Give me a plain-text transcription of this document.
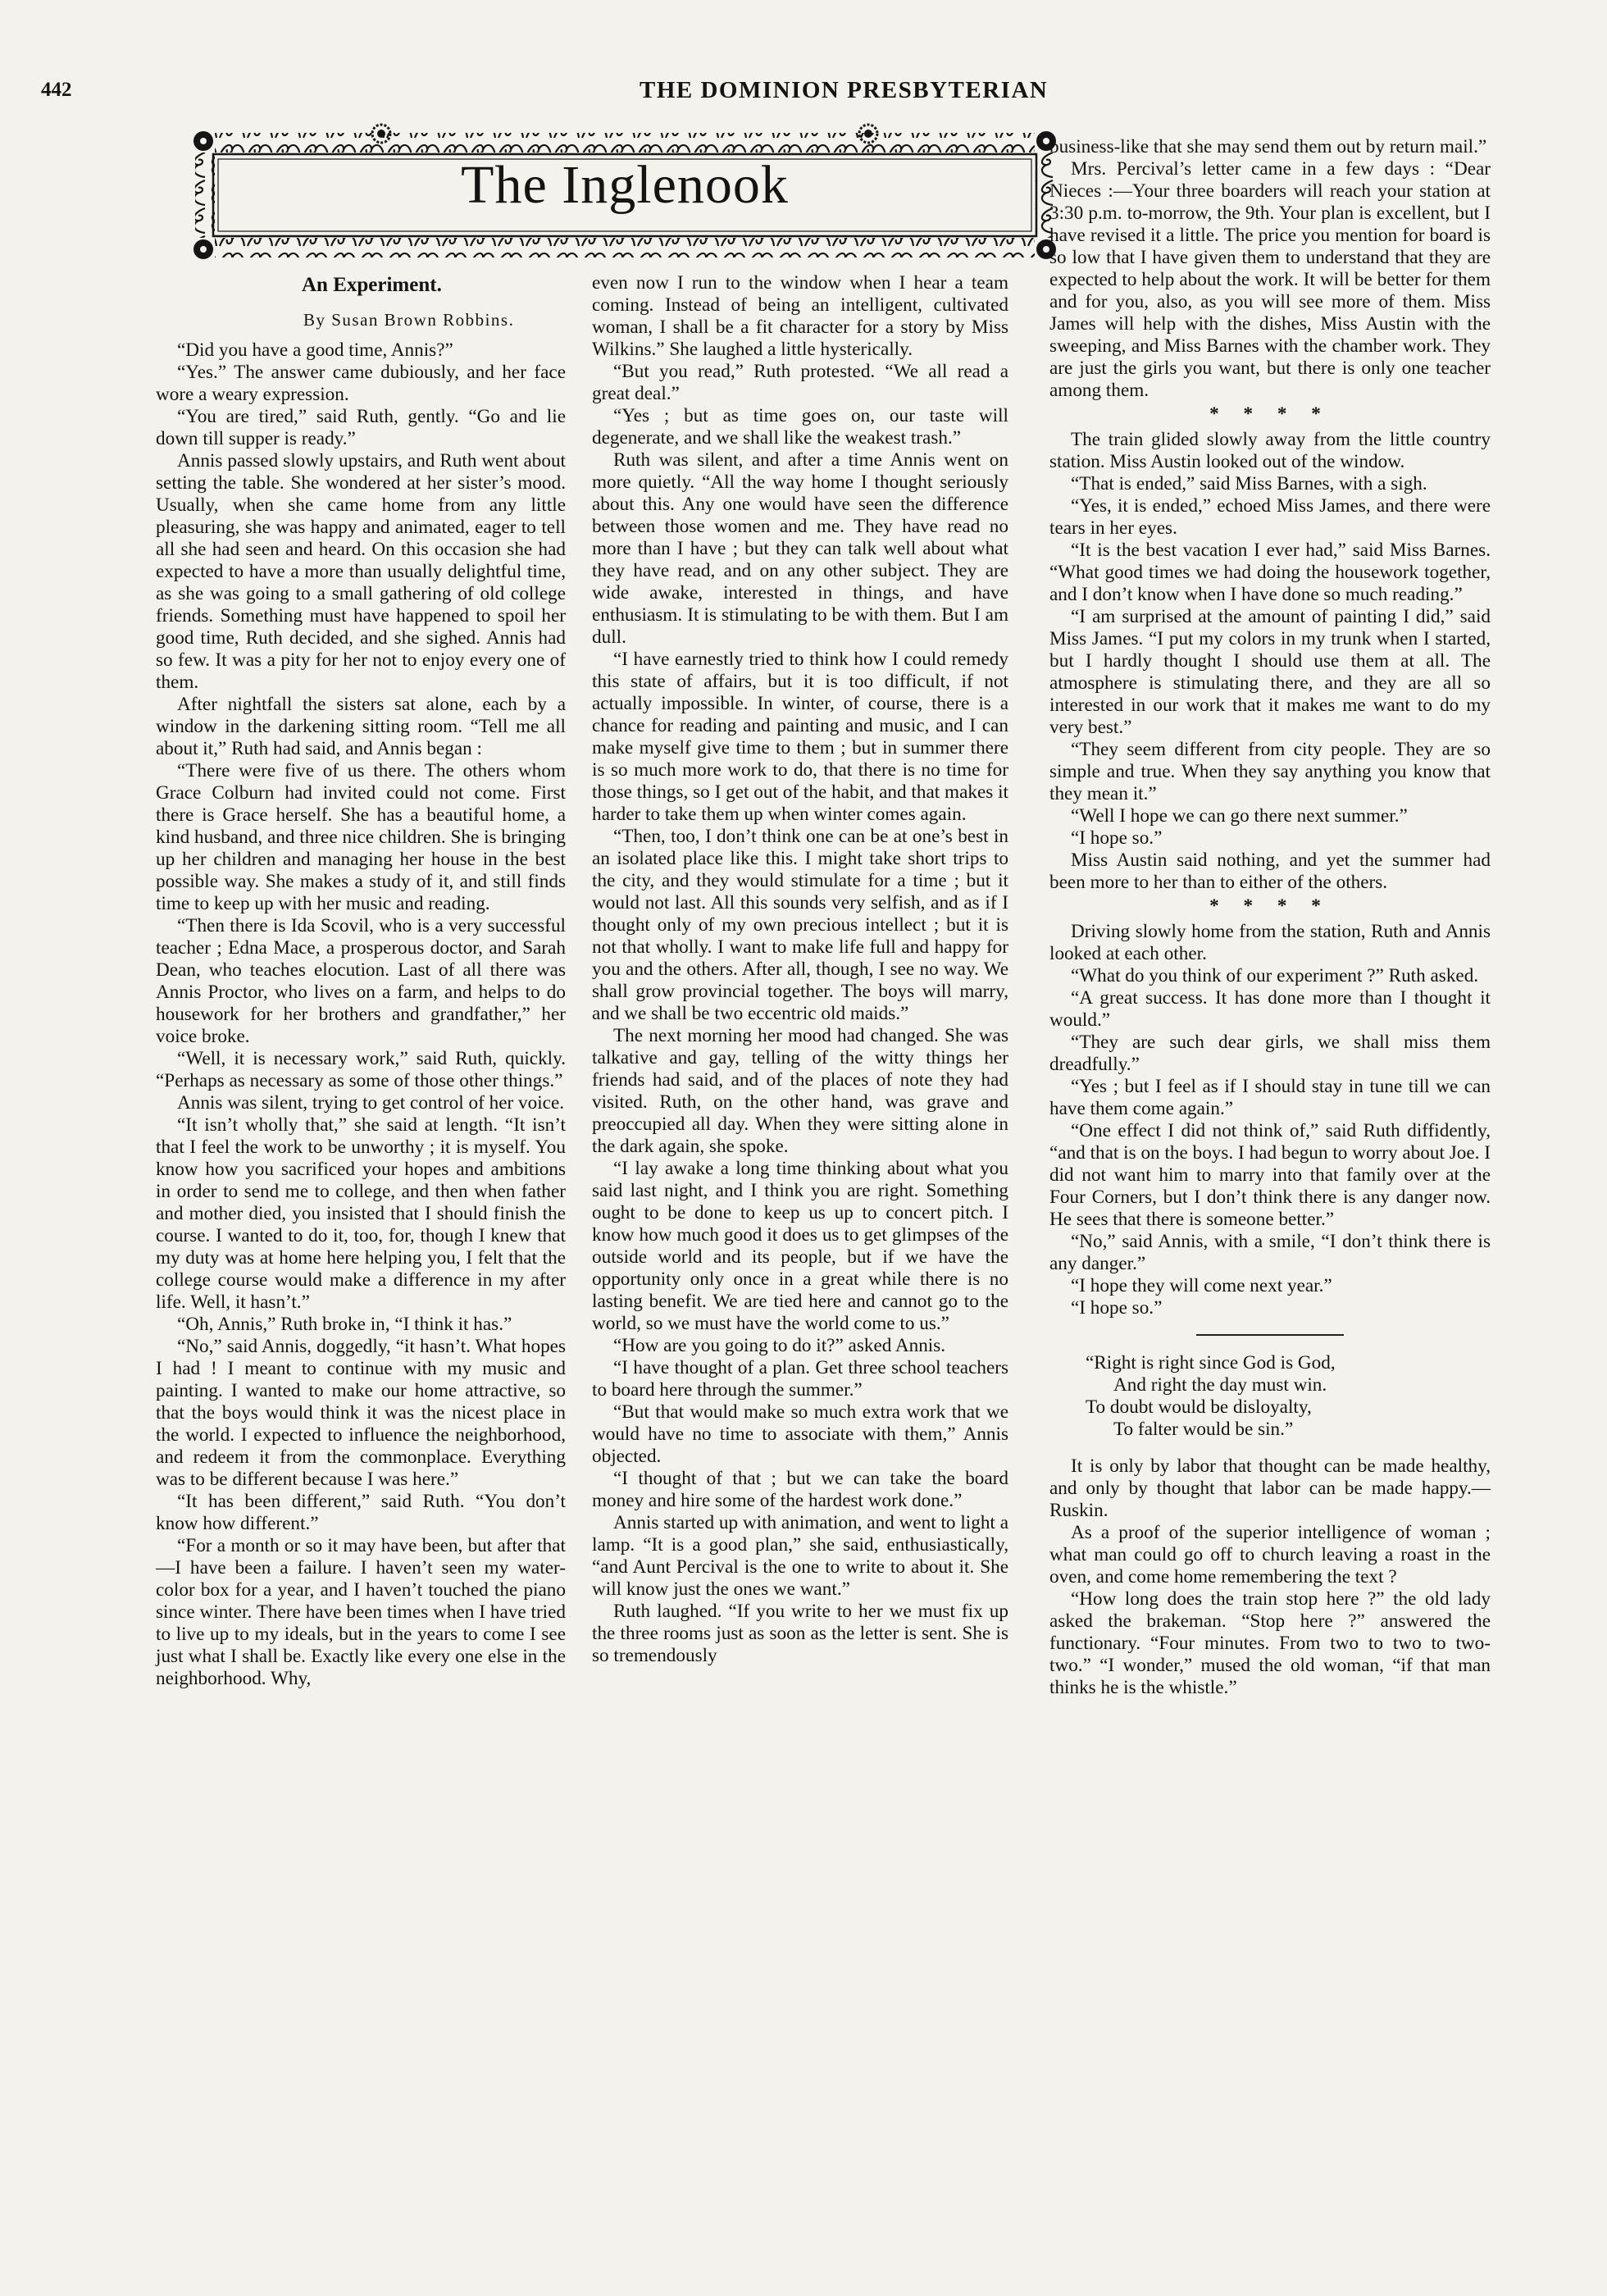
442	THE DOMINION PRESBYTERIAN
The Inglenook
An Experiment.
By Susan Brown Robbins.

“Did you have a good time, Annis?”

“Yes.” The answer came dubiously, and her face wore a weary expression.

“You are tired,” said Ruth, gently. “Go and lie down till supper is ready.”

Annis passed slowly upstairs, and Ruth went about setting the table. She wondered at her sister’s mood. Usually, when she came home from any little pleasuring, she was happy and animated, eager to tell all she had seen and heard. On this occasion she had expected to have a more than usually delightful time, as she was going to a small gathering of old college friends. Something must have happened to spoil her good time, Ruth decided, and she sighed. Annis had so few. It was a pity for her not to enjoy every one of them.

After nightfall the sisters sat alone, each by a window in the darkening sitting room. “Tell me all about it,” Ruth had said, and Annis began :

“There were five of us there. The others whom Grace Colburn had invited could not come. First there is Grace herself. She has a beautiful home, a kind husband, and three nice children. She is bringing up her children and managing her house in the best possible way. She makes a study of it, and still finds time to keep up with her music and reading.

“Then there is Ida Scovil, who is a very successful teacher ; Edna Mace, a prosperous doctor, and Sarah Dean, who teaches elocution. Last of all there was Annis Proctor, who lives on a farm, and helps to do housework for her brothers and grandfather,” her voice broke.

“Well, it is necessary work,” said Ruth, quickly. “Perhaps as necessary as some of those other things.”

Annis was silent, trying to get control of her voice.

“It isn’t wholly that,” she said at length. “It isn’t that I feel the work to be unworthy ; it is myself. You know how you sacrificed your hopes and ambitions in order to send me to college, and then when father and mother died, you insisted that I should finish the course. I wanted to do it, too, for, though I knew that my duty was at home here helping you, I felt that the college course would make a difference in my after life. Well, it hasn’t.”

“Oh, Annis,” Ruth broke in, “I think it has.”

“No,” said Annis, doggedly, “it hasn’t. What hopes I had ! I meant to continue with my music and painting. I wanted to make our home attractive, so that the boys would think it was the nicest place in the world. I expected to influence the neighborhood, and redeem it from the commonplace. Everything was to be different because I was here.”

“It has been different,” said Ruth. “You don’t know how different.”

“For a month or so it may have been, but after that—I have been a failure. I haven’t seen my water-color box for a year, and I haven’t touched the piano since winter. There have been times when I have tried to live up to my ideals, but in the years to come I see just what I shall be. Exactly like every one else in the neighborhood. Why,

even now I run to the window when I hear a team coming. Instead of being an intelligent, cultivated woman, I shall be a fit character for a story by Miss Wilkins.” She laughed a little hysterically.

“But you read,” Ruth protested. “We all read a great deal.”

“Yes ; but as time goes on, our taste will degenerate, and we shall like the weakest trash.”

Ruth was silent, and after a time Annis went on more quietly. “All the way home I thought seriously about this. Any one would have seen the difference between those women and me. They have read no more than I have ; but they can talk well about what they have read, and on any other subject. They are wide awake, interested in things, and have enthusiasm. It is stimulating to be with them. But I am dull.

“I have earnestly tried to think how I could remedy this state of affairs, but it is too difficult, if not actually impossible. In winter, of course, there is a chance for reading and painting and music, and I can make myself give time to them ; but in summer there is so much more work to do, that there is no time for those things, so I get out of the habit, and that makes it harder to take them up when winter comes again.

“Then, too, I don’t think one can be at one’s best in an isolated place like this. I might take short trips to the city, and they would stimulate for a time ; but it would not last. All this sounds very selfish, and as if I thought only of my own precious intellect ; but it is not that wholly. I want to make life full and happy for you and the others. After all, though, I see no way. We shall grow provincial together. The boys will marry, and we shall be two eccentric old maids.”

The next morning her mood had changed. She was talkative and gay, telling of the witty things her friends had said, and of the places of note they had visited. Ruth, on the other hand, was grave and preoccupied all day. When they were sitting alone in the dark again, she spoke.

“I lay awake a long time thinking about what you said last night, and I think you are right. Something ought to be done to keep us up to concert pitch. I know how much good it does us to get glimpses of the outside world and its people, but if we have the opportunity only once in a great while there is no lasting benefit. We are tied here and cannot go to the world, so we must have the world come to us.”

“How are you going to do it?” asked Annis.

“I have thought of a plan. Get three school teachers to board here through the summer.”

“But that would make so much extra work that we would have no time to associate with them,” Annis objected.

“I thought of that ; but we can take the board money and hire some of the hardest work done.”

Annis started up with animation, and went to light a lamp. “It is a good plan,” she said, enthusiastically, “and Aunt Percival is the one to write to about it. She will know just the ones we want.”

Ruth laughed. “If you write to her we must fix up the three rooms just as soon as the letter is sent. She is so tremendously

business-like that she may send them out by return mail.”

Mrs. Percival’s letter came in a few days : “Dear Nieces :—Your three boarders will reach your station at 3:30 p.m. to-morrow, the 9th. Your plan is excellent, but I have revised it a little. The price you mention for board is so low that I have given them to understand that they are expected to help about the work. It will be better for them and for you, also, as you will see more of them. Miss James will help with the dishes, Miss Austin with the sweeping, and Miss Barnes with the chamber work. They are just the girls you want, but there is only one teacher among them.

* * * *

The train glided slowly away from the little country station. Miss Austin looked out of the window.

“That is ended,” said Miss Barnes, with a sigh.

“Yes, it is ended,” echoed Miss James, and there were tears in her eyes.

“It is the best vacation I ever had,” said Miss Barnes. “What good times we had doing the housework together, and I don’t know when I have done so much reading.”

“I am surprised at the amount of painting I did,” said Miss James. “I put my colors in my trunk when I started, but I hardly thought I should use them at all. The atmosphere is stimulating there, and they are all so interested in our work that it makes me want to do my very best.”

“They seem different from city people. They are so simple and true. When they say anything you know that they mean it.”

“Well I hope we can go there next summer.”

“I hope so.”

Miss Austin said nothing, and yet the summer had been more to her than to either of the others.

* * * *

Driving slowly home from the station, Ruth and Annis looked at each other.

“What do you think of our experiment ?” Ruth asked.

“A great success. It has done more than I thought it would.”

“They are such dear girls, we shall miss them dreadfully.”

“Yes ; but I feel as if I should stay in tune till we can have them come again.”

“One effect I did not think of,” said Ruth diffidently, “and that is on the boys. I had begun to worry about Joe. I did not want him to marry into that family over at the Four Corners, but I don’t think there is any danger now. He sees that there is someone better.”

“No,” said Annis, with a smile, “I don’t think there is any danger.”

“I hope they will come next year.”

“I hope so.”

“Right is right since God is God,
And right the day must win.
To doubt would be disloyalty,
To falter would be sin.”

It is only by labor that thought can be made healthy, and only by thought that labor can be made happy.—Ruskin.

As a proof of the superior intelligence of woman ; what man could go off to church leaving a roast in the oven, and come home remembering the text ?

“How long does the train stop here ?” the old lady asked the brakeman. “Stop here ?” answered the functionary. “Four minutes. From two to two to two-two.” “I wonder,” mused the old woman, “if that man thinks he is the whistle.”
